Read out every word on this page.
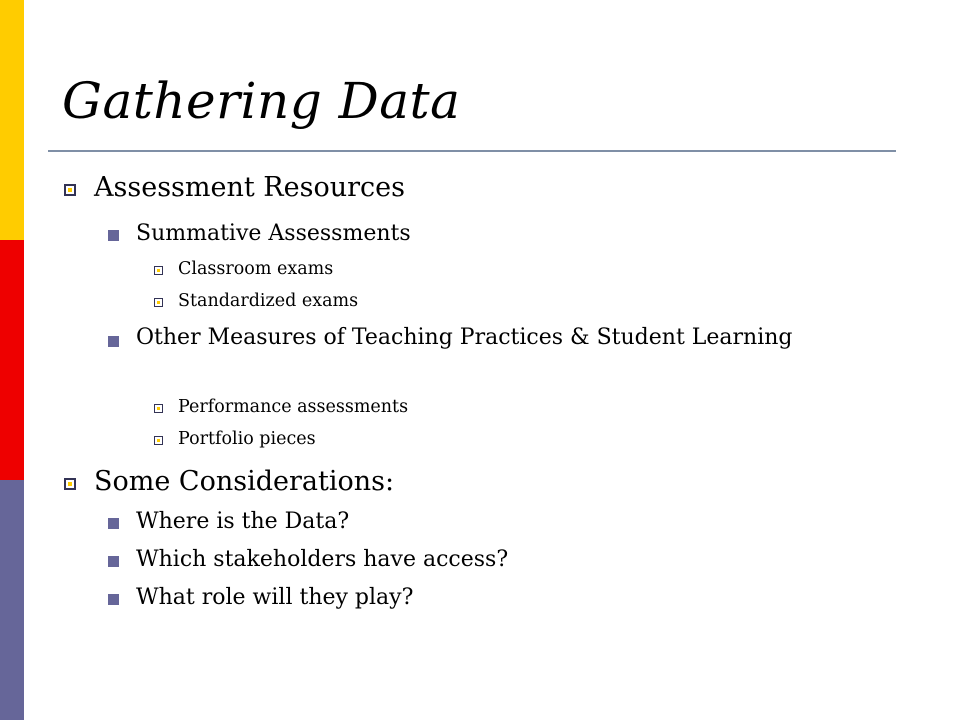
Gathering Data
Assessment Resources
Summative Assessments
Classroom exams
Standardized exams
Other Measures of Teaching Practices & Student Learning
Performance assessments
Portfolio pieces
Some Considerations:
Where is the Data?
Which stakeholders have access?
What role will they play?
